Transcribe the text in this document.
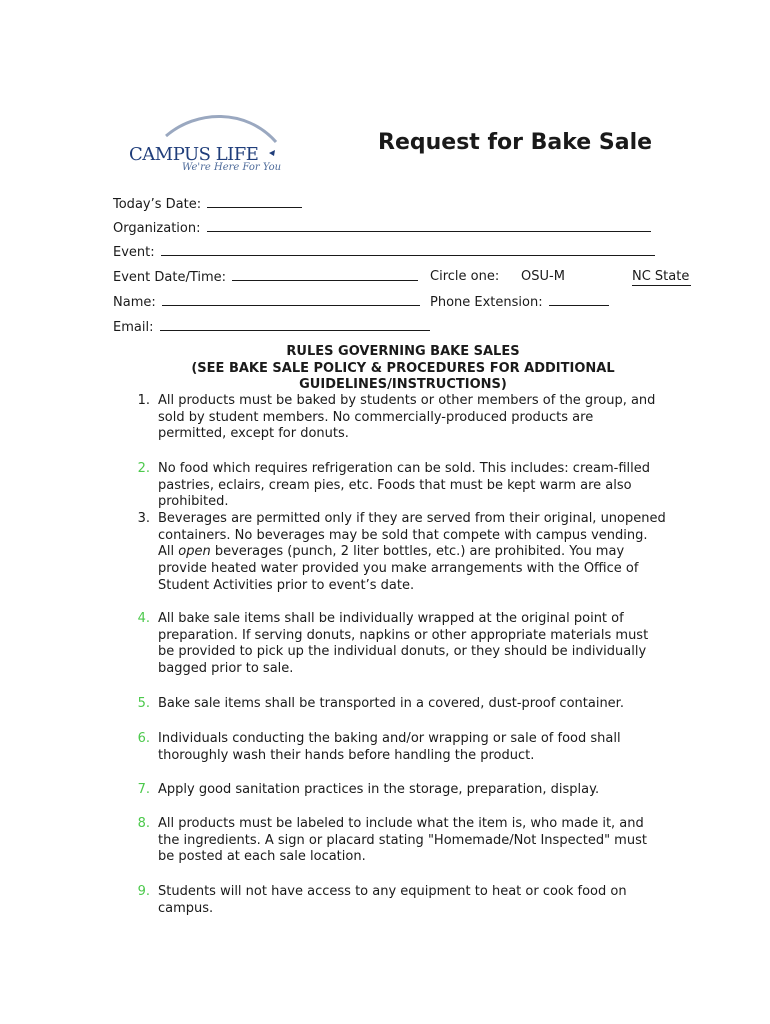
CAMPUS LIFE
We're Here For You
Request for Bake Sale
Today’s Date:
Organization:
Event:
Event Date/Time:	Circle one: OSU-M	NC State
Name:	Phone Extension:
Email:
RULES GOVERNING BAKE SALES
(SEE BAKE SALE POLICY & PROCEDURES FOR ADDITIONAL
GUIDELINES/INSTRUCTIONS)
1. All products must be baked by students or other members of the group, and
sold by student members. No commercially-produced products are
permitted, except for donuts.
2. No food which requires refrigeration can be sold. This includes: cream-filled
pastries, eclairs, cream pies, etc. Foods that must be kept warm are also
prohibited.
3. Beverages are permitted only if they are served from their original, unopened
containers. No beverages may be sold that compete with campus vending.
All open beverages (punch, 2 liter bottles, etc.) are prohibited. You may
provide heated water provided you make arrangements with the Office of
Student Activities prior to event’s date.
4. All bake sale items shall be individually wrapped at the original point of
preparation. If serving donuts, napkins or other appropriate materials must
be provided to pick up the individual donuts, or they should be individually
bagged prior to sale.
5. Bake sale items shall be transported in a covered, dust-proof container.
6. Individuals conducting the baking and/or wrapping or sale of food shall
thoroughly wash their hands before handling the product.
7. Apply good sanitation practices in the storage, preparation, display.
8. All products must be labeled to include what the item is, who made it, and
the ingredients. A sign or placard stating "Homemade/Not Inspected" must
be posted at each sale location.
9. Students will not have access to any equipment to heat or cook food on
campus.
